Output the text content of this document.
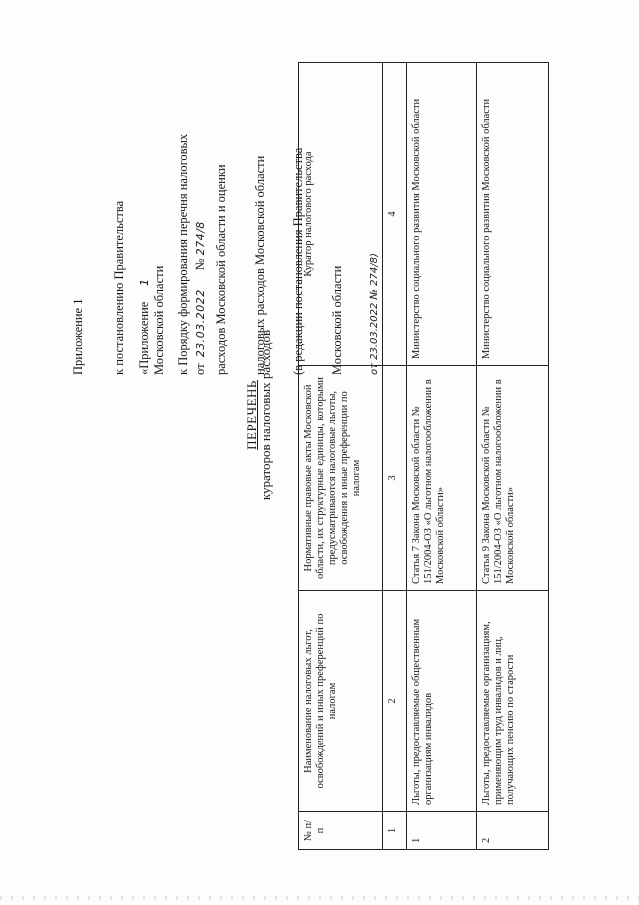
Приложение 1

к постановлению Правительства

Московской области

от  23.03.2022      № 274/8

«Приложение     1

к Порядку формирования перечня налоговых

расходов Московской области и оценки

налоговых расходов Московской области

(в редакции постановления Правительства

Московской области

	от 23.03.2022 № 274/8)

ПЕРЕЧЕНЬ кураторов налоговых расходов
№ п/п	Наименование налоговых льгот, освобождений и иных преференций по налогам	Нормативные правовые акты Московской области, их структурные единицы, которыми предусматриваются налоговые льготы, освобождения и иные преференции по налогам	Куратор налогового расхода
1	2	3	4
1	Льготы, предоставляемые общественным организациям инвалидов	Статья 7 Закона Московской области № 151/2004-ОЗ «О льготном налогообложении в Московской области»	Министерство социального развития Московской области
2	Льготы, предоставляемые организациям, применяющим труд инвалидов и лиц, получающих пенсию по старости	Статья 9 Закона Московской области № 151/2004-ОЗ «О льготном налогообложении в Московской области»	Министерство социального развития Московской области
